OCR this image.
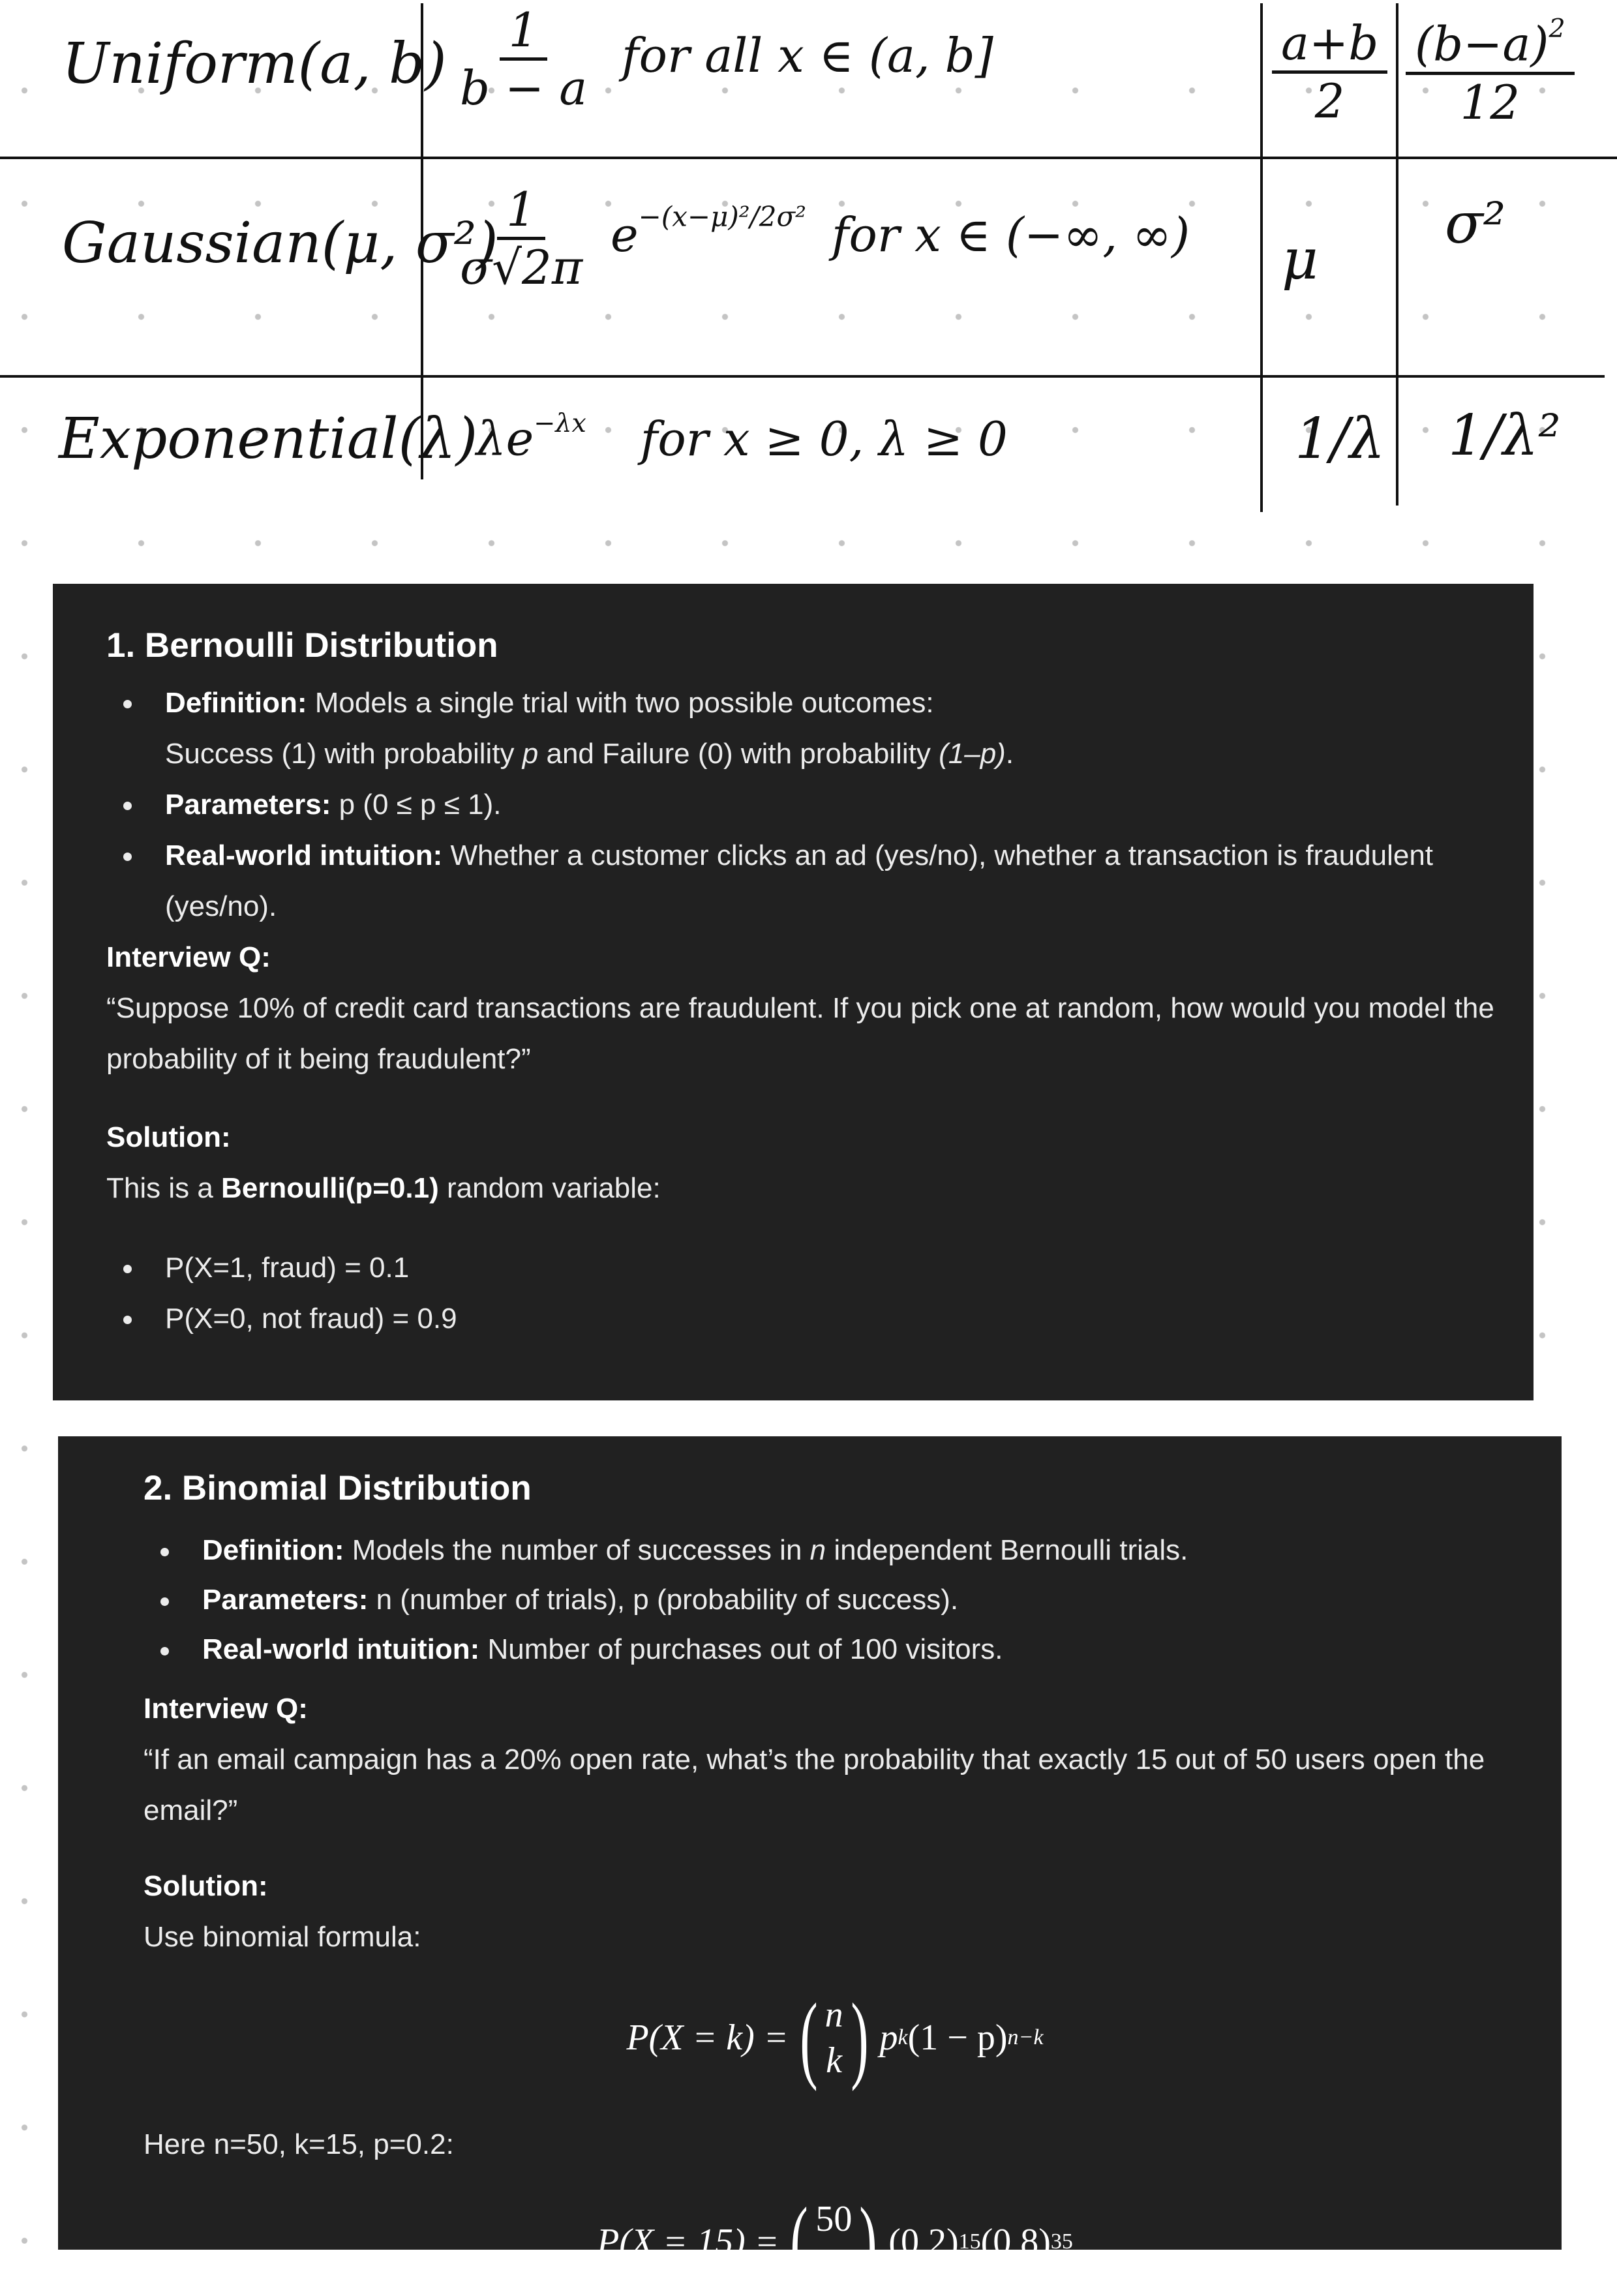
Uniform(a, $b) \frac{1}{b - a}$ for all x ∈ (a, b]	$\frac{a+b}{2} \frac{(b-a)^2}{12}$
Gaussian(μ, σ²)
$\frac{1}{\sigma√2\pi} e^{-(x-\mu)^2/2\sigma^2}$ for x ∈ (−∞, ∞) μ
σ²
Exponential(λ)
$\lambda e^{-\lambda x}$ for x ≥ 0, λ ≥ 0	1/λ 1/λ²
1. Bernoulli Distribution
Definition: Models a single trial with two possible outcomes:
Success (1) with probability p and Failure (0) with probability (1–p).
Parameters: p (0 ≤ p ≤ 1).
Real-world intuition: Whether a customer clicks an ad (yes/no), whether a transaction is fraudulent (yes/no).
Interview Q:
“Suppose 10% of credit card transactions are fraudulent. If you pick one at random, how would you model the probability of it being fraudulent?”
Solution:
This is a Bernoulli(p=0.1) random variable:
P(X=1, fraud) = 0.1
P(X=0, not fraud) = 0.9
2. Binomial Distribution
Definition: Models the number of successes in n independent Bernoulli trials.
Parameters: n (number of trials), p (probability of success).
Real-world intuition: Number of purchases out of 100 visitors.
Interview Q:
“If an email campaign has a 20% open rate, what’s the probability that exactly 15 out of 50 users open the email?”
Solution:
Use binomial formula:
P(X = k) = ( n
k ) p k (1 − p) n−k
Here n=50, k=15, p=0.2:
P(X = 15) = ( 50
15 ) (0.2) 15 (0.8) 35
